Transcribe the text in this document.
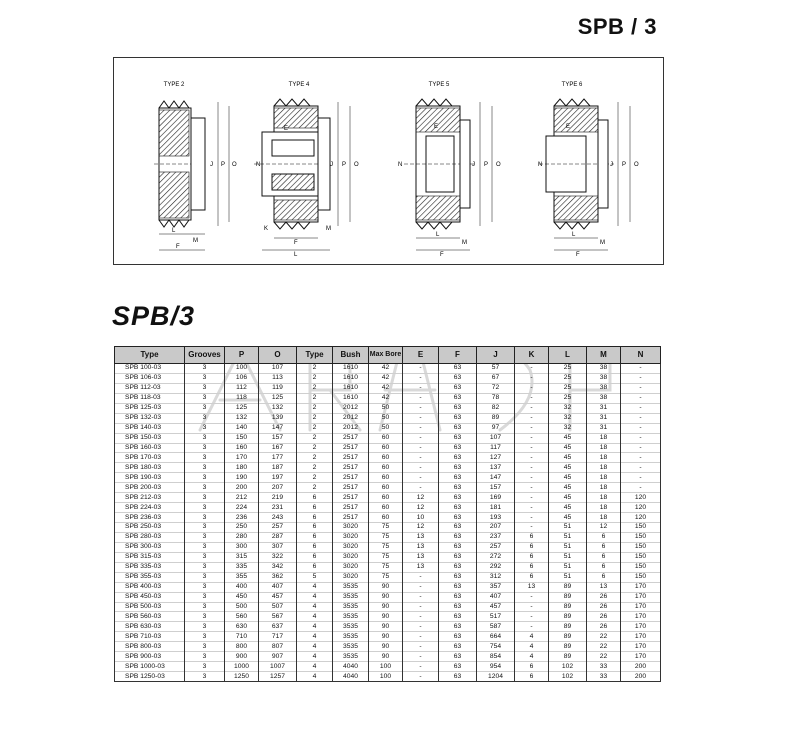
SPB / 3
TYPE 2
J P O
L
M
F
TYPE 4
E
N	J P O
K	M
F
L
TYPE 5
E
N	J P O
L
M
F
TYPE 6
E
N	J P O
L
M
F
SPB/3
Type	Grooves	P	O	Type	Bush	Max Bore	E	F	J	K	L	M	N
SPB 100-03	3	100	107	2	1610	42	-	63	57	-	25	38	-
SPB 106-03	3	106	113	2	1610	42	-	63	67	-	25	38	-
SPB 112-03	3	112	119	2	1610	42	-	63	72	-	25	38	-
SPB 118-03	3	118	125	2	1610	42	-	63	78	-	25	38	-
SPB 125-03	3	125	132	2	2012	50	-	63	82	-	32	31	-
SPB 132-03	3	132	139	2	2012	50	-	63	89	-	32	31	-
SPB 140-03	3	140	147	2	2012	50	-	63	97	-	32	31	-
SPB 150-03	3	150	157	2	2517	60	-	63	107	-	45	18	-
SPB 160-03	3	160	167	2	2517	60	-	63	117	-	45	18	-
SPB 170-03	3	170	177	2	2517	60	-	63	127	-	45	18	-
SPB 180-03	3	180	187	2	2517	60	-	63	137	-	45	18	-
SPB 190-03	3	190	197	2	2517	60	-	63	147	-	45	18	-
SPB 200-03	3	200	207	2	2517	60	-	63	157	-	45	18	-
SPB 212-03	3	212	219	6	2517	60	12	63	169	-	45	18	120
SPB 224-03	3	224	231	6	2517	60	12	63	181	-	45	18	120
SPB 236-03	3	236	243	6	2517	60	10	63	193	-	45	18	120
SPB 250-03	3	250	257	6	3020	75	12	63	207	-	51	12	150
SPB 280-03	3	280	287	6	3020	75	13	63	237	6	51	6	150
SPB 300-03	3	300	307	6	3020	75	13	63	257	6	51	6	150
SPB 315-03	3	315	322	6	3020	75	13	63	272	6	51	6	150
SPB 335-03	3	335	342	6	3020	75	13	63	292	6	51	6	150
SPB 355-03	3	355	362	5	3020	75	-	63	312	6	51	6	150
SPB 400-03	3	400	407	4	3535	90	-	63	357	13	89	13	170
SPB 450-03	3	450	457	4	3535	90	-	63	407	-	89	26	170
SPB 500-03	3	500	507	4	3535	90	-	63	457	-	89	26	170
SPB 560-03	3	560	567	4	3535	90	-	63	517	-	89	26	170
SPB 630-03	3	630	637	4	3535	90	-	63	587	-	89	26	170
SPB 710-03	3	710	717	4	3535	90	-	63	664	4	89	22	170
SPB 800-03	3	800	807	4	3535	90	-	63	754	4	89	22	170
SPB 900-03	3	900	907	4	3535	90	-	63	854	4	89	22	170
SPB 1000-03	3	1000	1007	4	4040	100	-	63	954	6	102	33	200
SPB 1250-03	3	1250	1257	4	4040	100	-	63	1204	6	102	33	200
